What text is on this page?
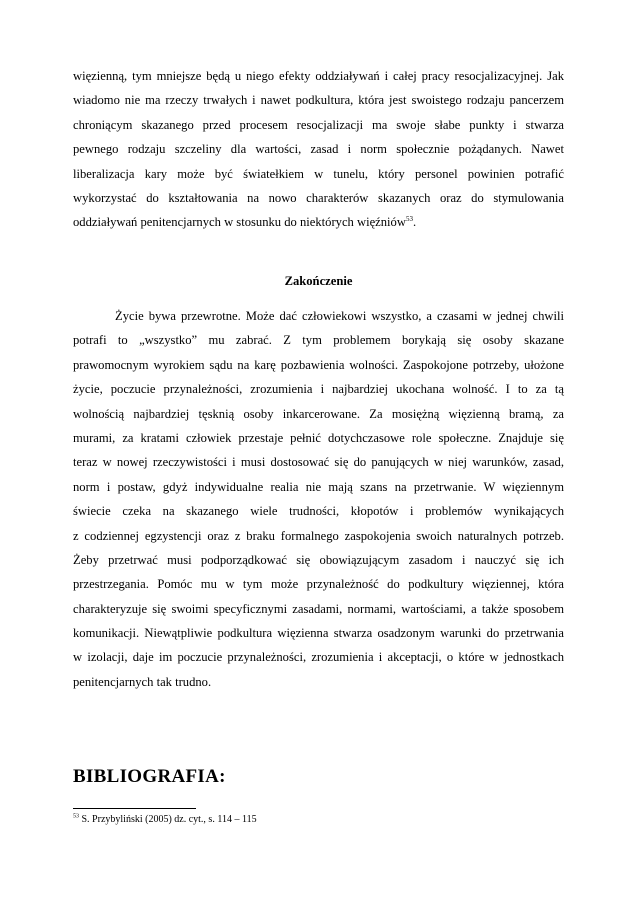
więzienną, tym mniejsze będą u niego efekty oddziaływań i całej pracy resocjalizacyjnej. Jak
wiadomo nie ma rzeczy trwałych i nawet podkultura, która jest swoistego rodzaju pancerzem
chroniącym skazanego przed procesem resocjalizacji ma swoje słabe punkty i stwarza
pewnego rodzaju szczeliny dla wartości, zasad i norm społecznie pożądanych. Nawet
liberalizacja kary może być światełkiem w tunelu, który personel powinien potrafić
wykorzystać do kształtowania na nowo charakterów skazanych oraz do stymulowania
oddziaływań penitencjarnych w stosunku do niektórych więźniów$^{53}$.
Zakończenie
Życie bywa przewrotne. Może dać człowiekowi wszystko, a czasami w jednej chwili
potrafi to „wszystko” mu zabrać. Z tym problemem borykają się osoby skazane
prawomocnym wyrokiem sądu na karę pozbawienia wolności. Zaspokojone potrzeby, ułożone
życie, poczucie przynależności, zrozumienia i najbardziej ukochana wolność. I to za tą
wolnością najbardziej tęsknią osoby inkarcerowane. Za mosiężną więzienną bramą, za
murami, za kratami człowiek przestaje pełnić dotychczasowe role społeczne. Znajduje się
teraz w nowej rzeczywistości i musi dostosować się do panujących w niej warunków, zasad,
norm i postaw, gdyż indywidualne realia nie mają szans na przetrwanie. W więziennym
świecie czeka na skazanego wiele trudności, kłopotów i problemów wynikających
z codziennej egzystencji oraz z braku formalnego zaspokojenia swoich naturalnych potrzeb.
Żeby przetrwać musi podporządkować się obowiązującym zasadom i nauczyć się ich
przestrzegania. Pomóc mu w tym może przynależność do podkultury więziennej, która
charakteryzuje się swoimi specyficznymi zasadami, normami, wartościami, a także sposobem
komunikacji. Niewątpliwie podkultura więzienna stwarza osadzonym warunki do przetrwania
w izolacji, daje im poczucie przynależności, zrozumienia i akceptacji, o które w jednostkach
penitencjarnych tak trudno.
BIBLIOGRAFIA:
$^{53}$ S. Przybyliński (2005) dz. cyt., s. 114 – 115
